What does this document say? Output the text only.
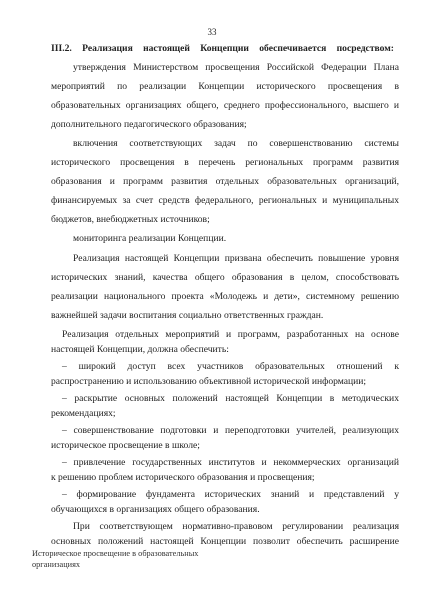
33
III.2. Реализация настоящей Концепции обеспечивается посредством:
утверждения Министерством просвещения Российской Федерации Плана
мероприятий по реализации Концепции исторического просвещения в
образовательных организациях общего, среднего профессионального, высшего и
дополнительного педагогического образования;
включения соответствующих задач по совершенствованию системы
исторического просвещения в перечень региональных программ развития
образования и программ развития отдельных образовательных организаций,
финансируемых за счет средств федерального, региональных и муниципальных
бюджетов, внебюджетных источников;
мониторинга реализации Концепции.
Реализация настоящей Концепции призвана обеспечить повышение уровня
исторических знаний, качества общего образования в целом, способствовать
реализации национального проекта «Молодежь и дети», системному решению
важнейшей задачи воспитания социально ответственных граждан.
Реализация отдельных мероприятий и программ, разработанных на основе
настоящей Концепции, должна обеспечить:
– широкий доступ всех участников образовательных отношений к
распространению и использованию объективной исторической информации;
– раскрытие основных положений настоящей Концепции в методических
рекомендациях;
– совершенствование подготовки и переподготовки учителей, реализующих
историческое просвещение в школе;
– привлечение государственных институтов и некоммерческих организаций
к решению проблем исторического образования и просвещения;
– формирование фундамента исторических знаний и представлений у
обучающихся в организациях общего образования.
При соответствующем нормативно-правовом регулировании реализация
основных положений настоящей Концепции позволит обеспечить расширение
Историческое просвещение в образовательных
организациях
